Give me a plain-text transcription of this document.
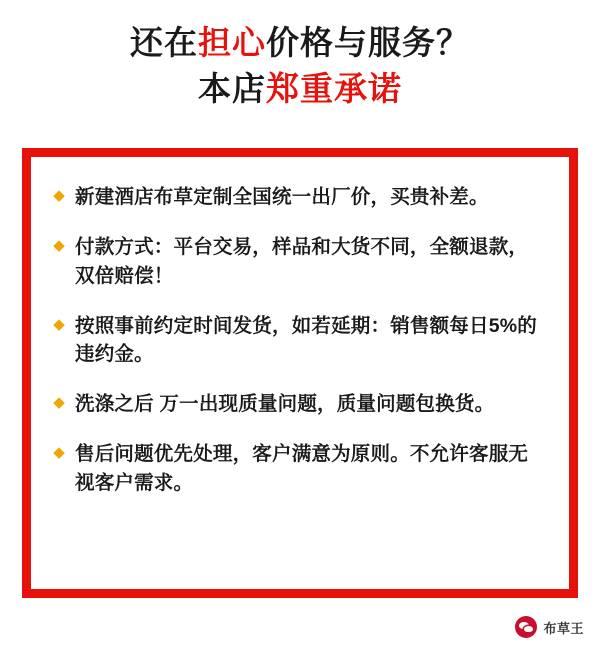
还在担心价格与服务？
本店郑重承诺
◆ 新建酒店布草定制全国统一出厂价，买贵补差。
◆ 付款方式：平台交易，样品和大货不同，全额退款，双倍赔偿！
◆ 按照事前约定时间发货，如若延期：销售额每日5%的违约金。
◆ 洗涤之后 万一出现质量问题，质量问题包换货。
◆ 售后问题优先处理，客户满意为原则。不允许客服无视客户需求。
布草王
